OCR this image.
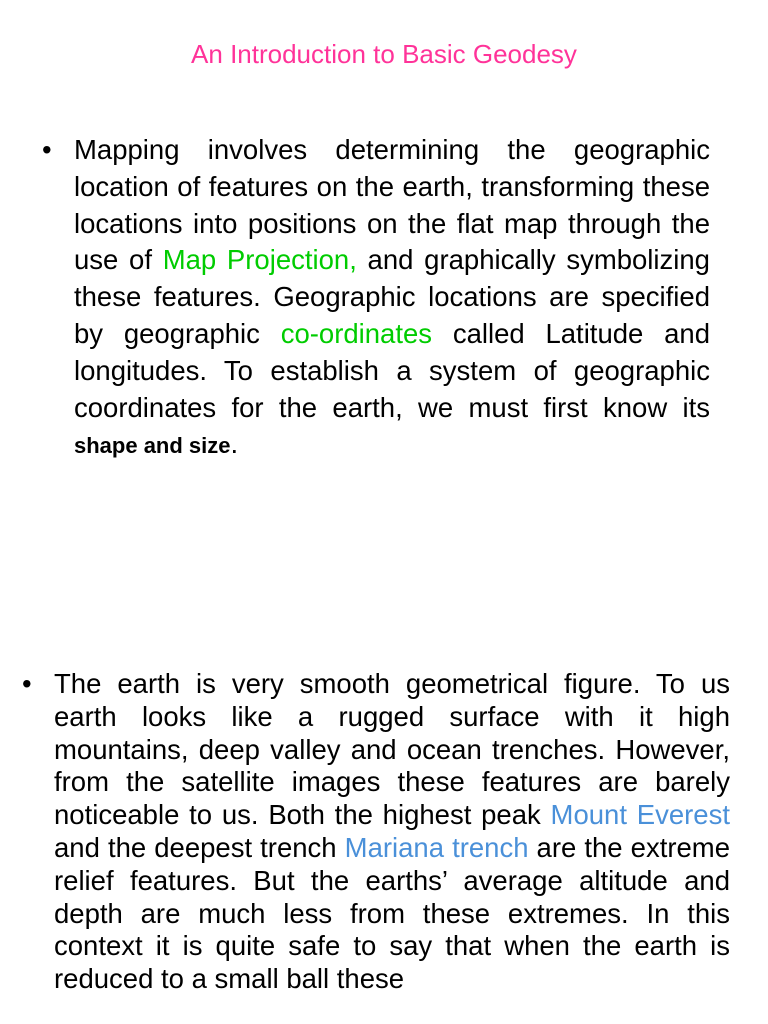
An Introduction to Basic Geodesy

• Mapping involves determining the geographic location of features on the earth, transforming these locations into positions on the flat map through the use of Map Projection, and graphically symbolizing these features. Geographic locations are specified by geographic co-ordinates called Latitude and longitudes. To establish a system of geographic coordinates for the earth, we must first know its shape and size.

• The earth is very smooth geometrical figure. To us earth looks like a rugged surface with it high mountains, deep valley and ocean trenches. However, from the satellite images these features are barely noticeable to us. Both the highest peak Mount Everest and the deepest trench Mariana trench are the extreme relief features. But the earths’ average altitude and depth are much less from these extremes. In this context it is quite safe to say that when the earth is reduced to a small ball these
